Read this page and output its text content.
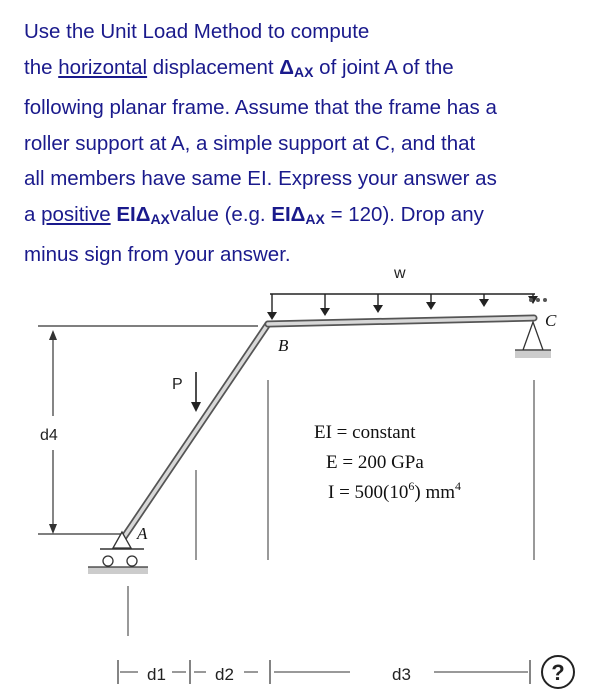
Use the Unit Load Method to compute
the horizontal displacement $\Delta_{AX}$ of joint A of the
following planar frame. Assume that the frame has a
roller support at A, a simple support at C, and that
all members have same EI. Express your answer as
a positive $EI\Delta_{AX}value$ (e.g. $EI\Delta_{AX} = 120$). Drop any
minus sign from your answer.
w
d4
P
B
A
C
d1	d2	d3
EI = constant
E = 200 GPa
$I = 500(10^6)$ $mm^4$
?
